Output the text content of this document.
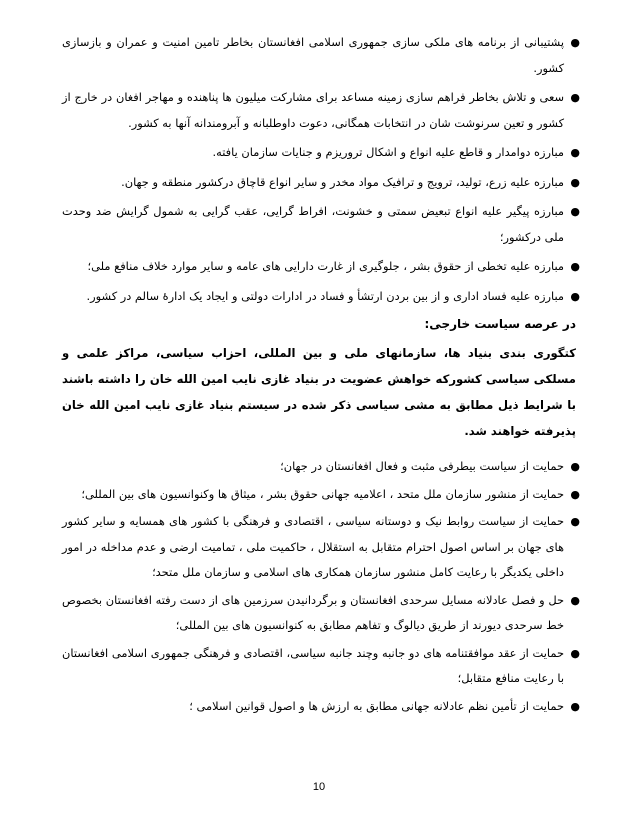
●
پشتیبانی از برنامه های ملکی سازی جمهوری اسلامی افغانستان بخاطر تامین امنیت و عمران و بازسازی کشور.
●
سعی و تلاش بخاطر فراهم سازی زمینه مساعد برای مشارکت میلیون ها پناهنده و مهاجر افغان در خارج از کشور و تعین سرنوشت شان در انتخابات همگانی، دعوت داوطلبانه و آبرومندانه آنها به کشور.
●
مبارزه دوامدار و قاطع علیه انواع و اشکال تروریزم و جنایات سازمان یافته.
●
مبارزه علیه زرع، تولید، ترویج و ترافیک مواد مخدر و سایر انواع قاچاق درکشور منطقه و جهان.
●
مبارزه پیگیر علیه انواع تبعیض سمتی و خشونت، افراط گرایی، عقب گرایی به شمول گرایش ضد وحدت ملی درکشور؛
●
مبارزه علیه تخطی از حقوق بشر ، جلوگیری از غارت دارایی های عامه و سایر موارد خلاف منافع ملی؛
●
مبارزه علیه فساد اداری و از بین بردن ارتشأ و فساد در ادارات دولتی و ایجاد یک ادارۀ سالم در کشور.
در عرصه سیاست خارجی:
کتگوری بندی بنیاد ها، سازمانهای ملی و بین المللی، احزاب سیاسی، مراکز علمی و مسلکی سیاسی کشورکه خواهش عضویت در بنیاد غازی نایب امین الله خان را داشته باشند با شرایط ذیل مطابق به مشی سیاسی ذکر شده در سیستم بنیاد غازی نایب امین الله خان پذیرفته خواهند شد.
●
حمایت از سیاست بیطرفی مثبت و فعال افغانستان در جهان؛
●
حمایت از منشور سازمان ملل متحد ، اعلامیه جهانی حقوق بشر ، میثاق ها وکنوانسیون های بین المللی؛
●
حمایت از سیاست روابط نیک و دوستانه سیاسی ، اقتصادی و فرهنگی با کشور های همسایه و سایر کشور های جهان بر اساس اصول احترام متقابل به استقلال ، حاکمیت ملی ، تمامیت ارضی و عدم مداخله در امور داخلی یکدیگر با رعایت کامل منشور سازمان همکاری های اسلامی و سازمان ملل متحد؛
●
حل و فصل عادلانه مسایل سرحدی افغانستان و برگردانیدن سرزمین های از دست رفته افغانستان بخصوص خط سرحدی دیورند از طریق دیالوگ و تفاهم مطابق به کنوانسیون های بین المللی؛
●
حمایت از عقد موافقتنامه های دو جانبه وچند جانبه سیاسی، اقتصادی و فرهنگی جمهوری اسلامی افغانستان با رعایت منافع متقابل؛
●
حمایت از تأمین نظم عادلانه جهانی مطابق به ارزش ها و اصول قوانین اسلامی ؛
10
